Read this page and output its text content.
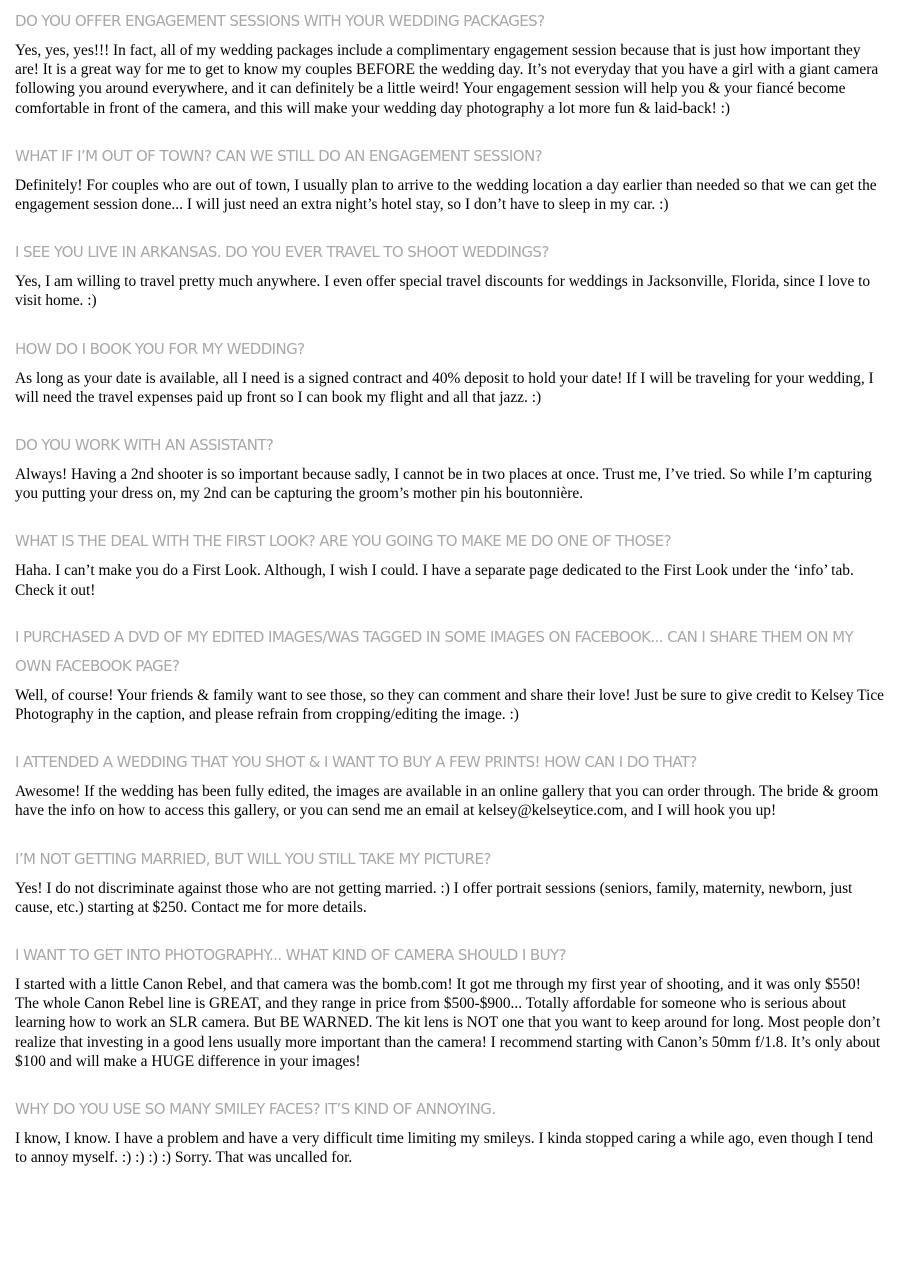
DO YOU OFFER ENGAGEMENT SESSIONS WITH YOUR WEDDING PACKAGES?

Yes, yes, yes!!! In fact, all of my wedding packages include a complimentary engagement session because that is just how important they are! It is a great way for me to get to know my couples BEFORE the wedding day. It’s not everyday that you have a girl with a giant camera following you around everywhere, and it can definitely be a little weird! Your engagement session will help you & your fiancé become comfortable in front of the camera, and this will make your wedding day photography a lot more fun & laid-back! :)

WHAT IF I’M OUT OF TOWN? CAN WE STILL DO AN ENGAGEMENT SESSION?

Definitely! For couples who are out of town, I usually plan to arrive to the wedding location a day earlier than needed so that we can get the engagement session done... I will just need an extra night’s hotel stay, so I don’t have to sleep in my car. :)

I SEE YOU LIVE IN ARKANSAS. DO YOU EVER TRAVEL TO SHOOT WEDDINGS?

Yes, I am willing to travel pretty much anywhere. I even offer special travel discounts for weddings in Jacksonville, Florida, since I love to visit home. :)

HOW DO I BOOK YOU FOR MY WEDDING?

As long as your date is available, all I need is a signed contract and 40% deposit to hold your date! If I will be traveling for your wedding, I will need the travel expenses paid up front so I can book my flight and all that jazz. :)

DO YOU WORK WITH AN ASSISTANT?

Always! Having a 2nd shooter is so important because sadly, I cannot be in two places at once. Trust me, I’ve tried. So while I’m capturing you putting your dress on, my 2nd can be capturing the groom’s mother pin his boutonnière.

WHAT IS THE DEAL WITH THE FIRST LOOK? ARE YOU GOING TO MAKE ME DO ONE OF THOSE?

Haha. I can’t make you do a First Look. Although, I wish I could. I have a separate page dedicated to the First Look under the ‘info’ tab. Check it out!

I PURCHASED A DVD OF MY EDITED IMAGES/WAS TAGGED IN SOME IMAGES ON FACEBOOK... CAN I SHARE THEM ON MY OWN FACEBOOK PAGE?

Well, of course! Your friends & family want to see those, so they can comment and share their love! Just be sure to give credit to Kelsey Tice Photography in the caption, and please refrain from cropping/editing the image. :)

I ATTENDED A WEDDING THAT YOU SHOT & I WANT TO BUY A FEW PRINTS! HOW CAN I DO THAT?

Awesome! If the wedding has been fully edited, the images are available in an online gallery that you can order through. The bride & groom have the info on how to access this gallery, or you can send me an email at kelsey@kelseytice.com, and I will hook you up!

I’M NOT GETTING MARRIED, BUT WILL YOU STILL TAKE MY PICTURE?

Yes! I do not discriminate against those who are not getting married. :) I offer portrait sessions (seniors, family, maternity, newborn, just cause, etc.) starting at $250. Contact me for more details.

I WANT TO GET INTO PHOTOGRAPHY... WHAT KIND OF CAMERA SHOULD I BUY?

I started with a little Canon Rebel, and that camera was the bomb.com! It got me through my first year of shooting, and it was only $550! The whole Canon Rebel line is GREAT, and they range in price from $500-$900... Totally affordable for someone who is serious about learning how to work an SLR camera. But BE WARNED. The kit lens is NOT one that you want to keep around for long. Most people don’t realize that investing in a good lens usually more important than the camera! I recommend starting with Canon’s 50mm f/1.8. It’s only about $100 and will make a HUGE difference in your images!

WHY DO YOU USE SO MANY SMILEY FACES? IT’S KIND OF ANNOYING.

I know, I know. I have a problem and have a very difficult time limiting my smileys. I kinda stopped caring a while ago, even though I tend to annoy myself. :) :) :) :) Sorry. That was uncalled for.
